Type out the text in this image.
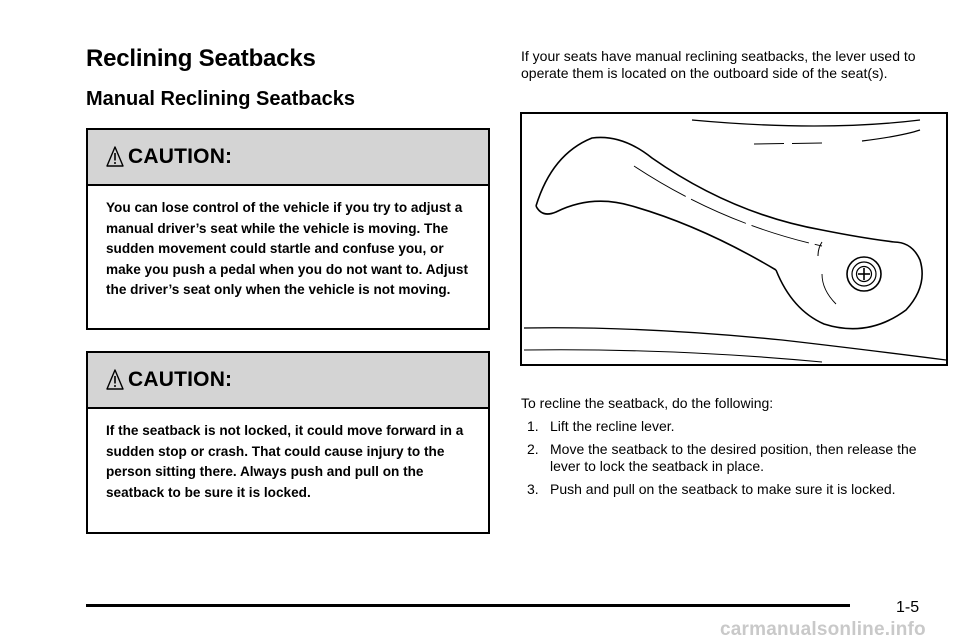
Reclining Seatbacks
Manual Reclining Seatbacks
CAUTION:
You can lose control of the vehicle if you try to adjust a manual driver’s seat while the vehicle is moving. The sudden movement could startle and confuse you, or make you push a pedal when you do not want to. Adjust the driver’s seat only when the vehicle is not moving.
CAUTION:
If the seatback is not locked, it could move forward in a sudden stop or crash. That could cause injury to the person sitting there. Always push and pull on the seatback to be sure it is locked.

If your seats have manual reclining seatbacks, the lever used to operate them is located on the outboard side of the seat(s).

To recline the seatback, do the following:

1. Lift the recline lever.
2. Move the seatback to the desired position, then release the lever to lock the seatback in place.
3. Push and pull on the seatback to make sure it is locked.
1-5
carmanualsonline.info
